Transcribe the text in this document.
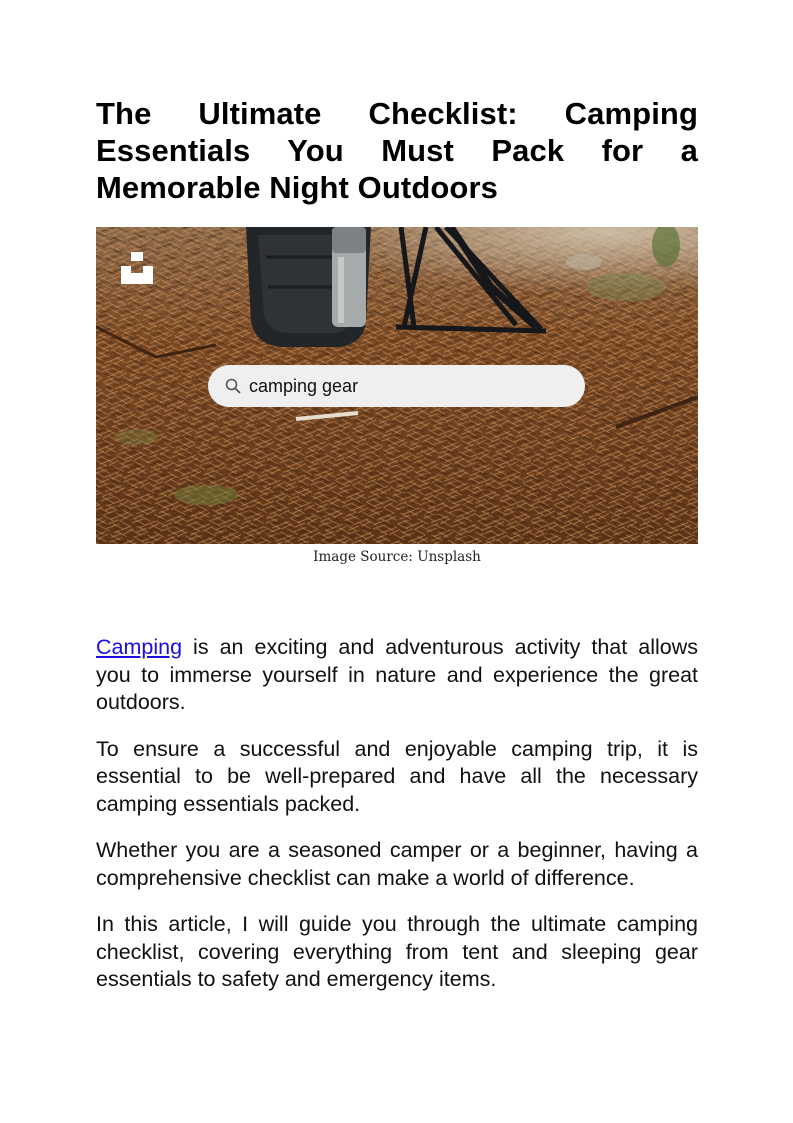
The Ultimate Checklist: Camping Essentials You Must Pack for a Memorable Night Outdoors
camping gear
Image Source: Unsplash

Camping is an exciting and adventurous activity that allows you to immerse yourself in nature and experience the great outdoors.

To ensure a successful and enjoyable camping trip, it is essential to be well-prepared and have all the necessary camping essentials packed.

Whether you are a seasoned camper or a beginner, having a comprehensive checklist can make a world of difference.

In this article, I will guide you through the ultimate camping checklist, covering everything from tent and sleeping gear essentials to safety and emergency items.
